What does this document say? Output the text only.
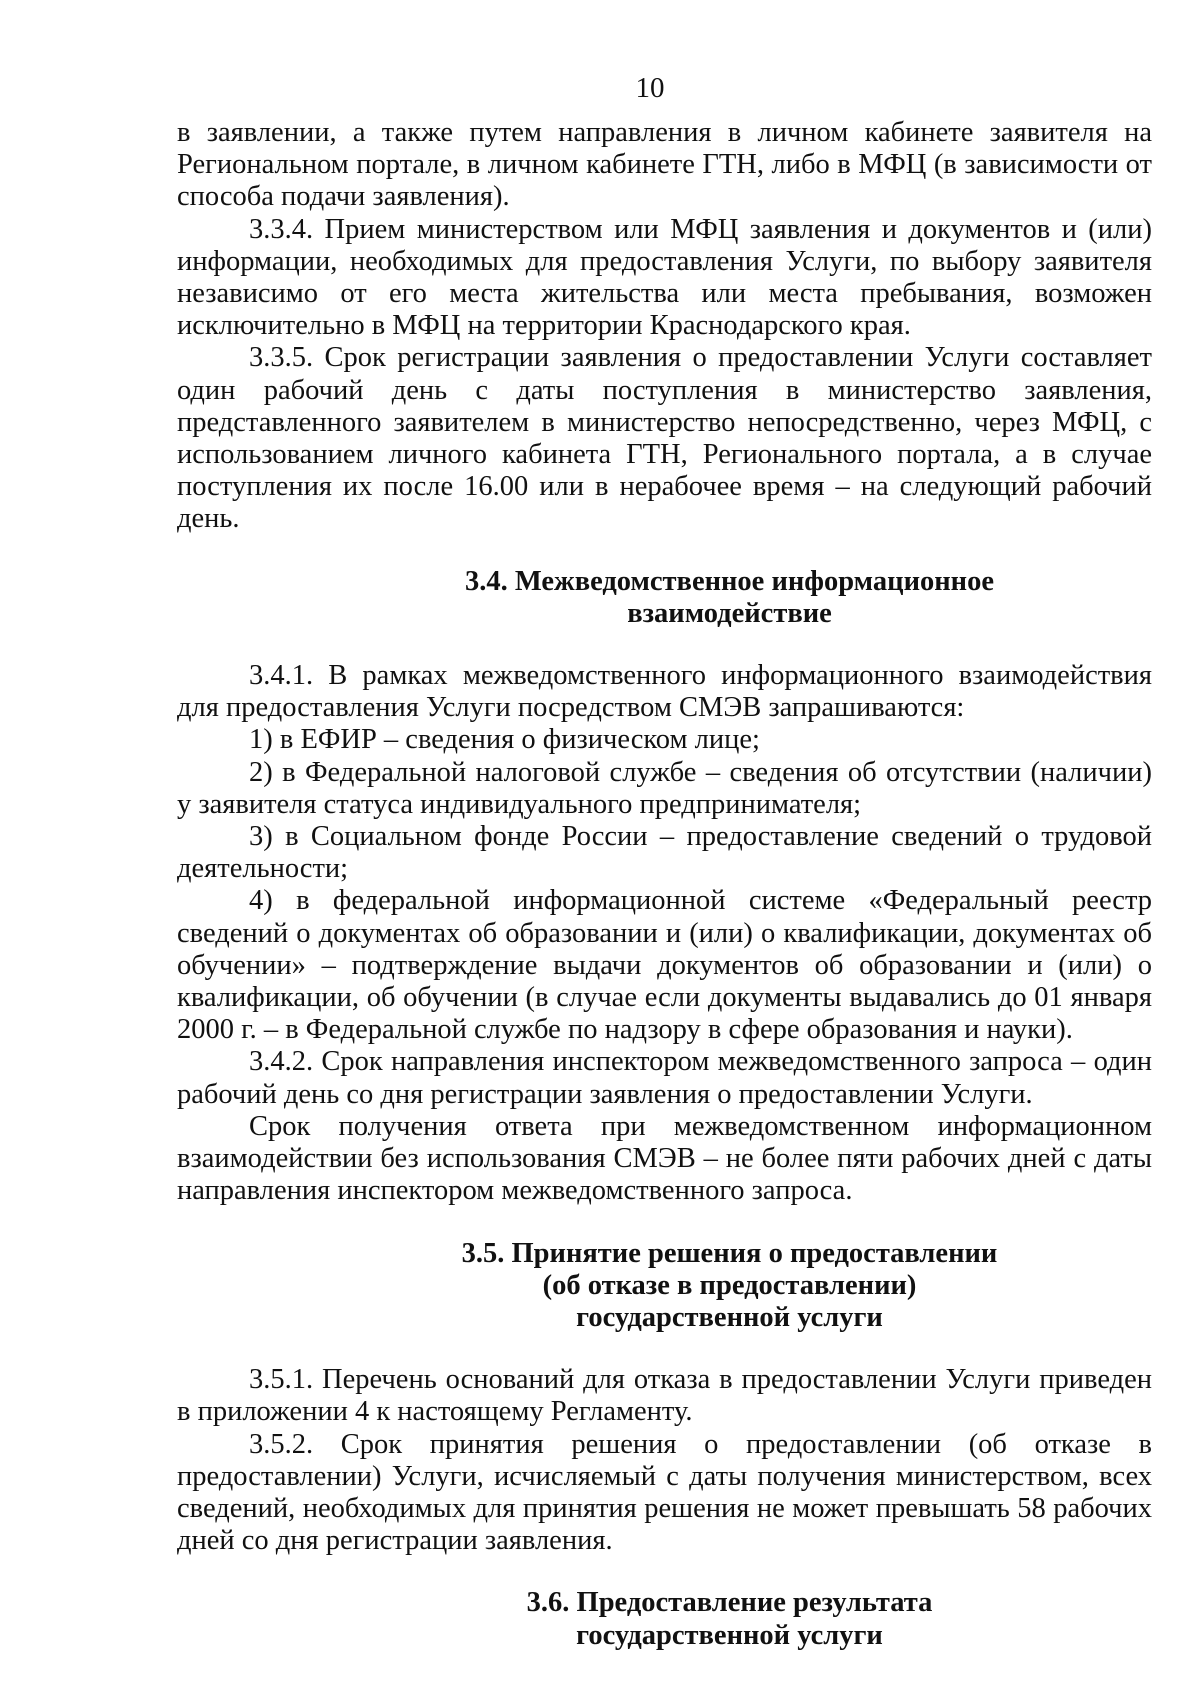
10

в заявлении, а также путем направления в личном кабинете заявителя на Региональном портале, в личном кабинете ГТН, либо в МФЦ (в зависимости от способа подачи заявления).

3.3.4. Прием министерством или МФЦ заявления и документов и (или) информации, необходимых для предоставления Услуги, по выбору заявителя независимо от его места жительства или места пребывания, возможен исключительно в МФЦ на территории Краснодарского края.

3.3.5. Срок регистрации заявления о предоставлении Услуги составляет один рабочий день с даты поступления в министерство заявления, представленного заявителем в министерство непосредственно, через МФЦ, с использованием личного кабинета ГТН, Регионального портала, а в случае поступления их после 16.00 или в нерабочее время – на следующий рабочий день.

3.4. Межведомственное информационное

взаимодействие

3.4.1. В рамках межведомственного информационного взаимодействия для предоставления Услуги посредством СМЭВ запрашиваются:

1) в ЕФИР – сведения о физическом лице;

2) в Федеральной налоговой службе – сведения об отсутствии (наличии) у заявителя статуса индивидуального предпринимателя;

3) в Социальном фонде России – предоставление сведений о трудовой деятельности;

4) в федеральной информационной системе «Федеральный реестр сведений о документах об образовании и (или) о квалификации, документах об обучении» – подтверждение выдачи документов об образовании и (или) о квалификации, об обучении (в случае если документы выдавались до 01 января 2000 г. – в Федеральной службе по надзору в сфере образования и науки).

3.4.2. Срок направления инспектором межведомственного запроса – один рабочий день со дня регистрации заявления о предоставлении Услуги.

Срок получения ответа при межведомственном информационном взаимодействии без использования СМЭВ – не более пяти рабочих дней с даты направления инспектором межведомственного запроса.

3.5. Принятие решения о предоставлении

(об отказе в предоставлении)

государственной услуги

3.5.1. Перечень оснований для отказа в предоставлении Услуги приведен в приложении 4 к настоящему Регламенту.

3.5.2. Срок принятия решения о предоставлении (об отказе в предоставлении) Услуги, исчисляемый с даты получения министерством, всех сведений, необходимых для принятия решения не может превышать 58 рабочих дней со дня регистрации заявления.

3.6. Предоставление результата

государственной услуги
